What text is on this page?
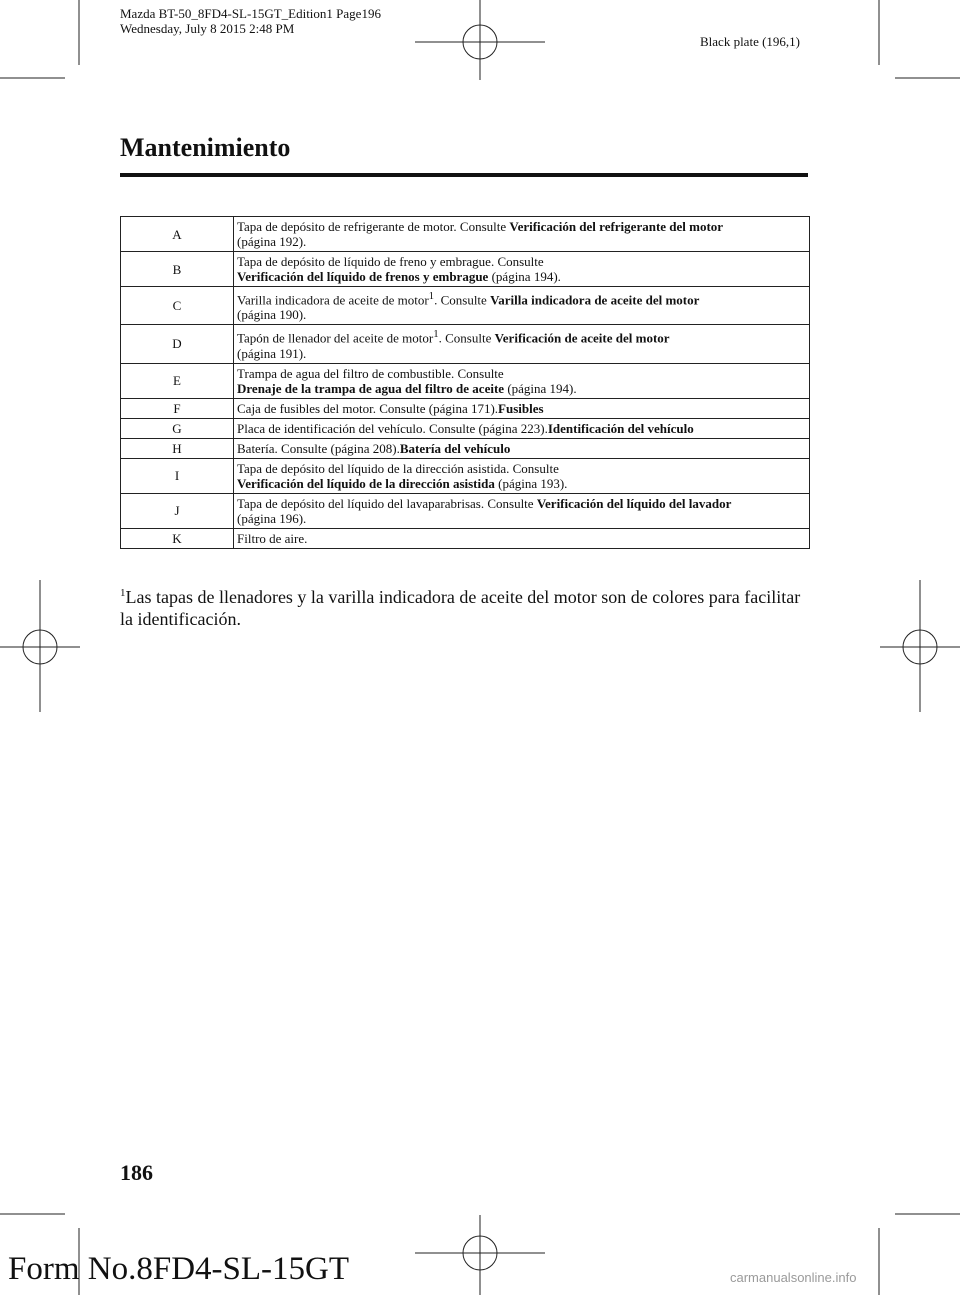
Mazda BT-50_8FD4-SL-15GT_Edition1 Page196
Wednesday, July 8 2015 2:48 PM
Black plate (196,1)
Mantenimiento
A	Tapa de depósito de refrigerante de motor. Consulte Verificación del refrigerante del motor
(página 192).
B	Tapa de depósito de líquido de freno y embrague. Consulte
Verificación del líquido de frenos y embrague (página 194).
C	Varilla indicadora de aceite de motor$^1$. Consulte Varilla indicadora de aceite del motor
(página 190).
D	Tapón de llenador del aceite de motor$^1$. Consulte Verificación de aceite del motor
(página 191).
E	Trampa de agua del filtro de combustible. Consulte
Drenaje de la trampa de agua del filtro de aceite (página 194).
F	Caja de fusibles del motor. Consulte (página 171).Fusibles
G	Placa de identificación del vehículo. Consulte (página 223).Identificación del vehículo
H	Batería. Consulte (página 208).Batería del vehículo
I	Tapa de depósito del líquido de la dirección asistida. Consulte
Verificación del líquido de la dirección asistida (página 193).
J	Tapa de depósito del líquido del lavaparabrisas. Consulte Verificación del líquido del lavador
(página 196).
K	Filtro de aire.
$^1$Las tapas de llenadores y la varilla indicadora de aceite del motor son de colores para facilitar la identificación.
186
Form No.8FD4-SL-15GT	carmanualsonline.info
